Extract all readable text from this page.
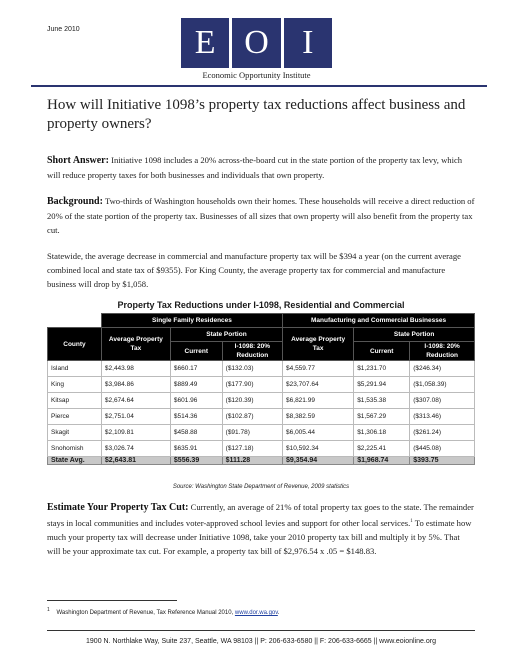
June 2010	E O I
Economic Opportunity Institute
How will Initiative 1098’s property tax reductions affect business and property owners?
Short Answer: Initiative 1098 includes a 20% across-the-board cut in the state portion of the property tax levy, which will reduce property taxes for both businesses and individuals that own property.
Background: Two-thirds of Washington households own their homes. These households will receive a direct reduction of 20% of the state portion of the property tax. Businesses of all sizes that own property will also benefit from the property tax cut.
Statewide, the average decrease in commercial and manufacture property tax will be $394 a year (on the current average combined local and state tax of $9355). For King County, the average property tax for commercial and manufacture business will drop by $1,058.
Property Tax Reductions under I-1098, Residential and Commercial
	Single Family Residences			Manufacturing and Commercial Businesses		
County	Average Property Tax	State Portion		Average Property Tax	State Portion	
		Current	I-1098: 20% Reduction		Current	I-1098: 20% Reduction
Island	$2,443.98	$660.17	($132.03)	$4,559.77	$1,231.70	($246.34)
King	$3,984.86	$889.49	($177.90)	$23,707.64	$5,291.94	($1,058.39)
Kitsap	$2,674.64	$601.96	($120.39)	$6,821.99	$1,535.38	($307.08)
Pierce	$2,751.04	$514.36	($102.87)	$8,382.59	$1,567.29	($313.46)
Skagit	$2,109.81	$458.88	($91.78)	$6,005.44	$1,306.18	($261.24)
Snohomish	$3,026.74	$635.91	($127.18)	$10,592.34	$2,225.41	($445.08)
State Avg.	$2,643.81	$556.39	$111.28	$9,354.94	$1,968.74	$393.75
Source: Washington State Department of Revenue, 2009 statistics
Estimate Your Property Tax Cut: Currently, an average of 21% of total property tax goes to the state. The remainder stays in local communities and includes voter-approved school levies and support for other local services.$^1$ To estimate how much your property tax will decrease under Initiative 1098, take your 2010 property tax bill and multiply it by 5%. That will be your approximate tax cut. For example, a property tax bill of $2,976.54 x .05 = $148.83.
$^1$ Washington Department of Revenue, Tax Reference Manual 2010, www.dor.wa.gov.
1900 N. Northlake Way, Suite 237, Seattle, WA 98103 || P: 206-633-6580 || F: 206-633-6665 || www.eoionline.org
